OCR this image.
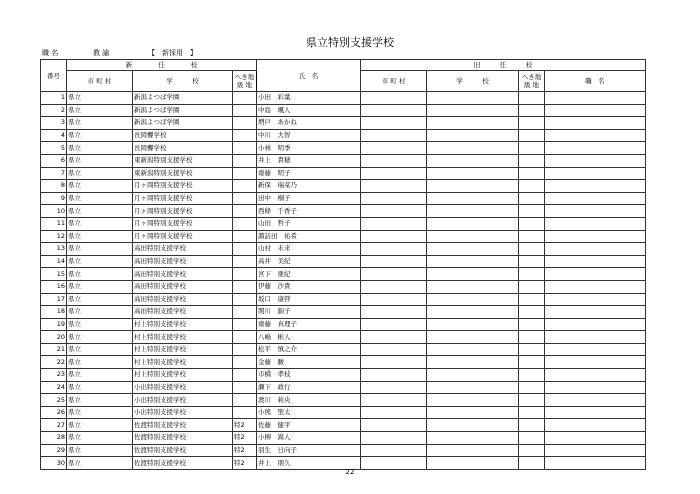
県立特別支援学校
職 名	教 諭	【　新採用　】
番号	新　　　　任　　　　校			氏　名	旧　　　任　　　校			
	市 町 村	学　　　校	へき地 級 地		市 町 村	学　　　校	へき地 級 地	職　名
1	県立	新潟よつば学園		小田　彩葉				
2	県立	新潟よつば学園		中島　颯人				
3	県立	新潟よつば学園		増戸　あかね				
4	県立	長岡聾学校		中川　大智				
5	県立	長岡聾学校		小林　明季				
6	県立	東新潟特別支援学校		井上　貴穂				
7	県立	東新潟特別支援学校		齋藤　明子				
8	県立	月ヶ岡特別支援学校		新保　瑞菜乃				
9	県立	月ヶ岡特別支援学校		田中　桐子				
10	県立	月ヶ岡特別支援学校		西條　千香子				
11	県立	月ヶ岡特別支援学校		山田　哲子				
12	県立	月ヶ岡特別支援学校		諏訪田　祐希				
13	県立	高田特別支援学校		山村　未来				
14	県立	高田特別支援学校		高井　美紀				
15	県立	高田特別支援学校		宮下　亜紀				
16	県立	高田特別支援学校		伊藤　沙貴				
17	県立	高田特別支援学校		坂口　康啓				
18	県立	高田特別支援学校		関川　錦子				
19	県立	村上特別支援学校		齋藤　真理子				
20	県立	村上特別支援学校		八嶋　彬人				
21	県立	村上特別支援学校		松平　慎之介				
22	県立	村上特別支援学校		金藤　駿				
23	県立	村上特別支援学校		市橋　孝枝				
24	県立	小出特別支援学校		瀬下　政行				
25	県立	小出特別支援学校		渡川　莉央				
26	県立	小出特別支援学校		小熊　聖太				
27	県立	佐渡特別支援学校	特2	佐藤　健平				
28	県立	佐渡特別支援学校	特2	小柳　嵩人				
29	県立	佐渡特別支援学校	特2	羽生　日向子				
30	県立	佐渡特別支援学校	特2	井上　朋久				
22
